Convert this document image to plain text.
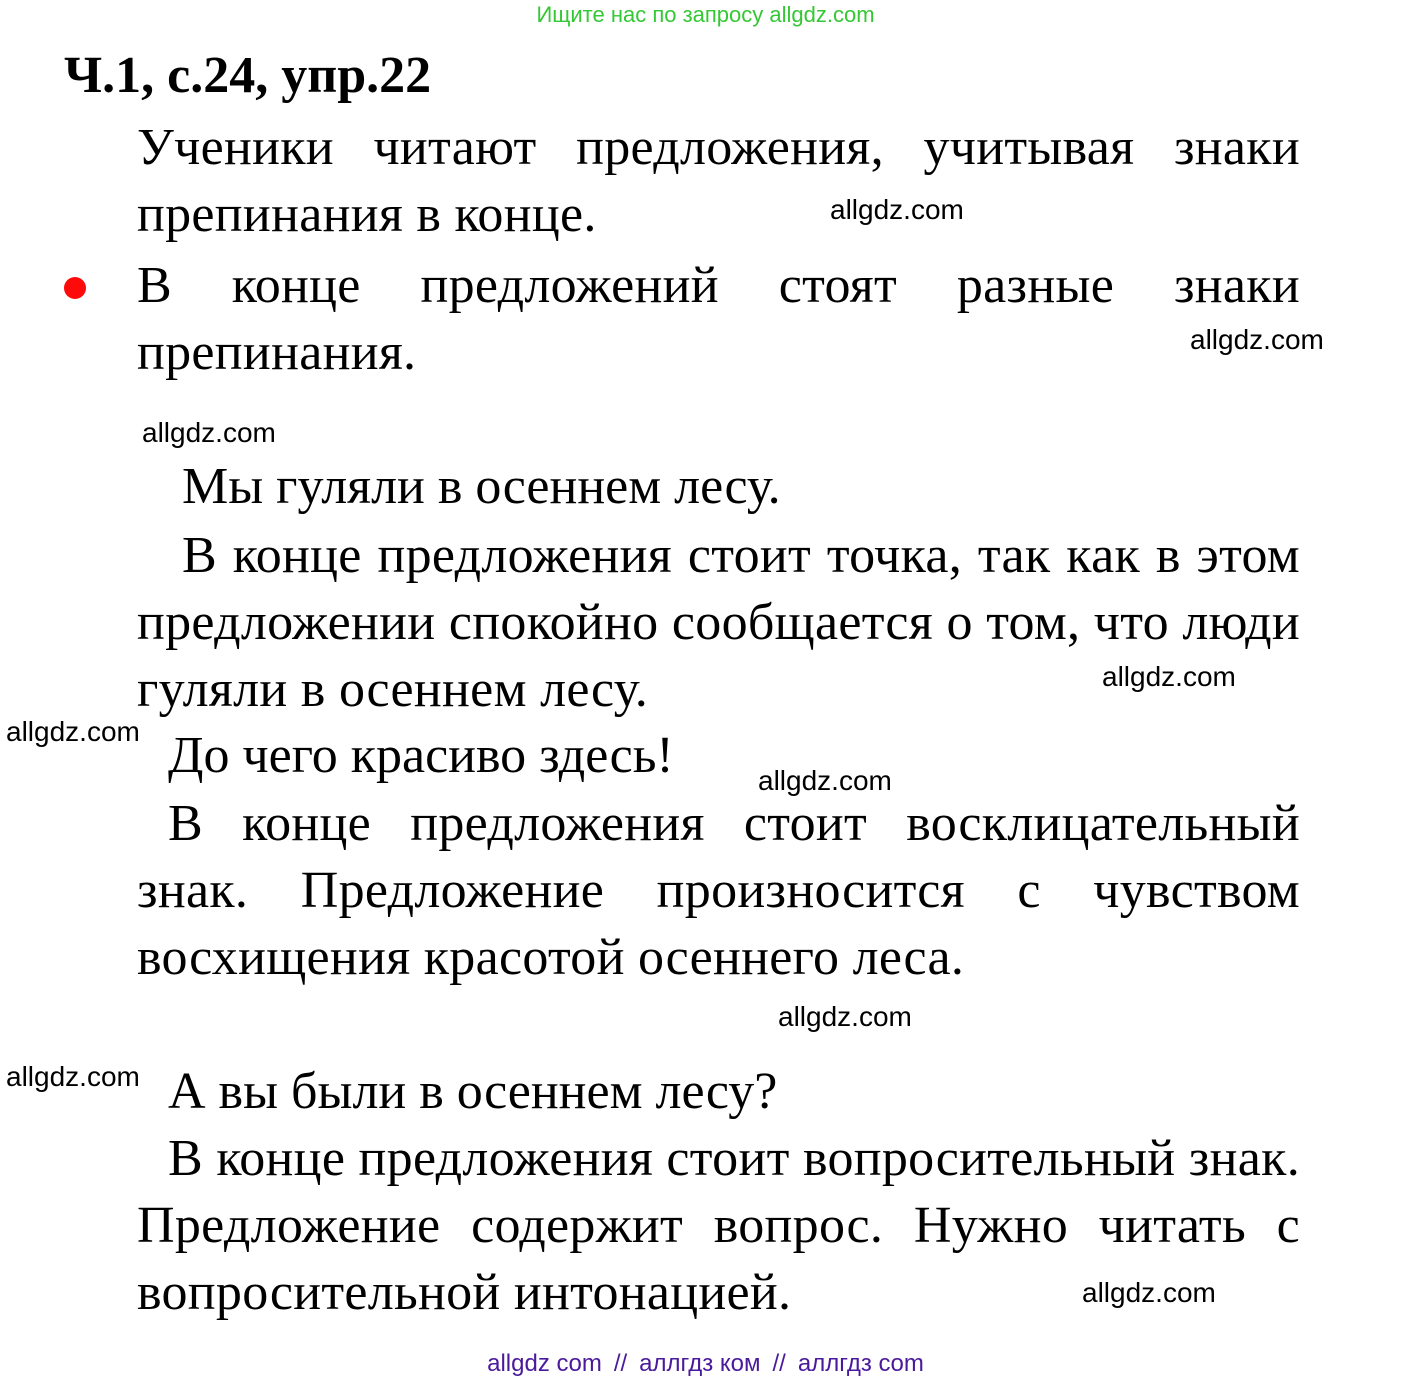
Ищите нас по запросу allgdz.com
Ч.1, с.24, упр.22
Ученики читают предложения, учитывая знаки препинания в конце.	allgdz.com
В конце предложений стоят разные знаки препинания.	allgdz.com
allgdz.com
Мы гуляли в осеннем лесу.
В конце предложения стоит точка, так как в этом предложении спокойно сообщается о том, что люди гуляли в осеннем лесу.	allgdz.com
allgdz.com До чего красиво здесь!	allgdz.com
В конце предложения стоит восклицательный знак. Предложение произносится с чувством восхищения красотой осеннего леса.
allgdz.com
allgdz.com А вы были в осеннем лесу?
В конце предложения стоит вопросительный знак. Предложение содержит вопрос. Нужно читать с вопросительной интонацией.	allgdz.com
allgdz com // аллгдз ком // аллгдз com
